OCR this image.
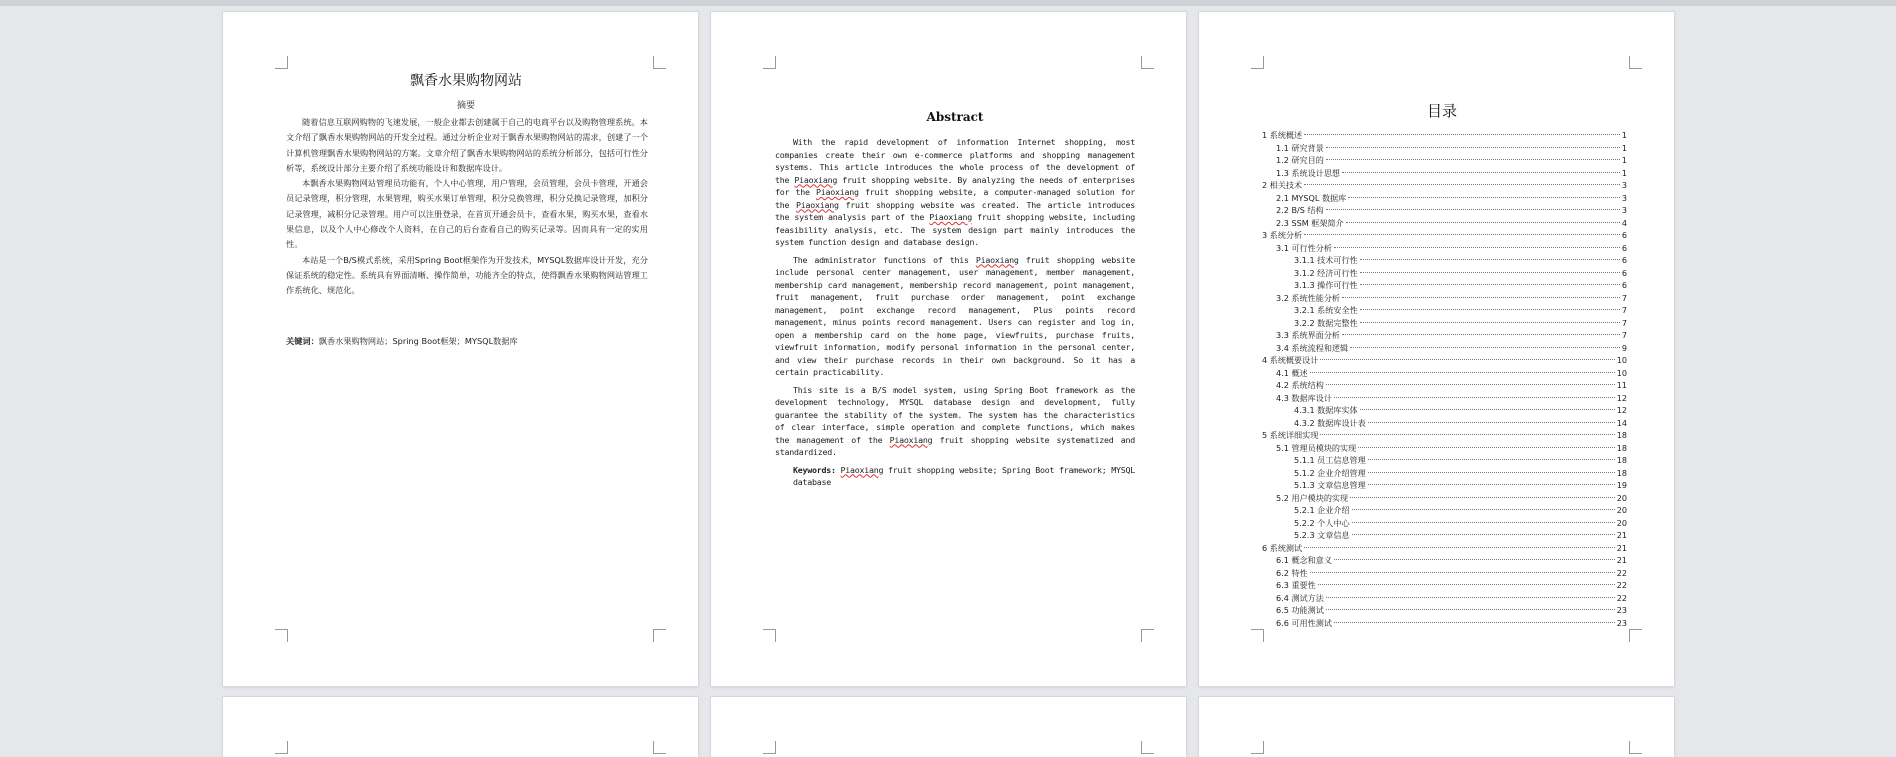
飘香水果购物网站
摘要

随着信息互联网购物的飞速发展，一般企业都去创建属于自己的电商平台以及购物管理系统。本文介绍了飘香水果购物网站的开发全过程。通过分析企业对于飘香水果购物网站的需求，创建了一个计算机管理飘香水果购物网站的方案。文章介绍了飘香水果购物网站的系统分析部分，包括可行性分析等，系统设计部分主要介绍了系统功能设计和数据库设计。

本飘香水果购物网站管理员功能有，个人中心管理，用户管理，会员管理，会员卡管理，开通会员记录管理，积分管理，水果管理，购买水果订单管理，积分兑换管理，积分兑换记录管理，加积分记录管理，减积分记录管理。用户可以注册登录，在首页开通会员卡，查看水果，购买水果，查看水果信息，以及个人中心修改个人资料，在自己的后台查看自己的购买记录等。因而具有一定的实用性。

本站是一个B/S模式系统，采用Spring Boot框架作为开发技术，MYSQL数据库设计开发，充分保证系统的稳定性。系统具有界面清晰、操作简单，功能齐全的特点，使得飘香水果购物网站管理工作系统化、规范化。

关键词：飘香水果购物网站；Spring Boot框架；MYSQL数据库
Abstract

With the rapid development of information Internet shopping, most companies create their own e-commerce platforms and shopping management systems. This article introduces the whole process of the development of the Piaoxiang fruit shopping website. By analyzing the needs of enterprises for the Piaoxiang fruit shopping website, a computer-managed solution for the Piaoxiang fruit shopping website was created. The article introduces the system analysis part of the Piaoxiang fruit shopping website, including feasibility analysis, etc. The system design part mainly introduces the system function design and database design.

The administrator functions of this Piaoxiang fruit shopping website include personal center management, user management, member management, membership card management, membership record management, point management, fruit management, fruit purchase order management, point exchange management, point exchange record management, Plus points record management, minus points record management. Users can register and log in, open a membership card on the home page, viewfruits, purchase fruits, viewfruit information, modify personal information in the personal center, and view their purchase records in their own background. So it has a certain practicability.

This site is a B/S model system, using Spring Boot framework as the development technology, MYSQL database design and development, fully guarantee the stability of the system. The system has the characteristics of clear interface, simple operation and complete functions, which makes the management of the Piaoxiang fruit shopping website systematized and standardized.

Keywords: Piaoxiang fruit shopping website; Spring Boot framework; MYSQL database

目录
1 系统概述	1
1.1 研究背景	1
1.2 研究目的	1
1.3 系统设计思想	1
2 相关技术	3
2.1 MYSQL 数据库	3
2.2 B/S 结构	3
2.3 SSM 框架简介	4
3 系统分析	6
3.1 可行性分析	6
3.1.1 技术可行性	6
3.1.2 经济可行性	6
3.1.3 操作可行性	6
3.2 系统性能分析	7
3.2.1 系统安全性	7
3.2.2 数据完整性	7
3.3 系统界面分析	7
3.4 系统流程和逻辑	9
4 系统概要设计	10
4.1 概述	10
4.2 系统结构	11
4.3 数据库设计	12
4.3.1 数据库实体	12
4.3.2 数据库设计表	14
5 系统详细实现	18
5.1 管理员模块的实现	18
5.1.1 员工信息管理	18
5.1.2 企业介绍管理	18
5.1.3 文章信息管理	19
5.2 用户模块的实现	20
5.2.1 企业介绍	20
5.2.2 个人中心	20
5.2.3 文章信息	21
6 系统测试	21
6.1 概念和意义	21
6.2 特性	22
6.3 重要性	22
6.4 测试方法	22
6.5 功能测试	23
6.6 可用性测试	23
